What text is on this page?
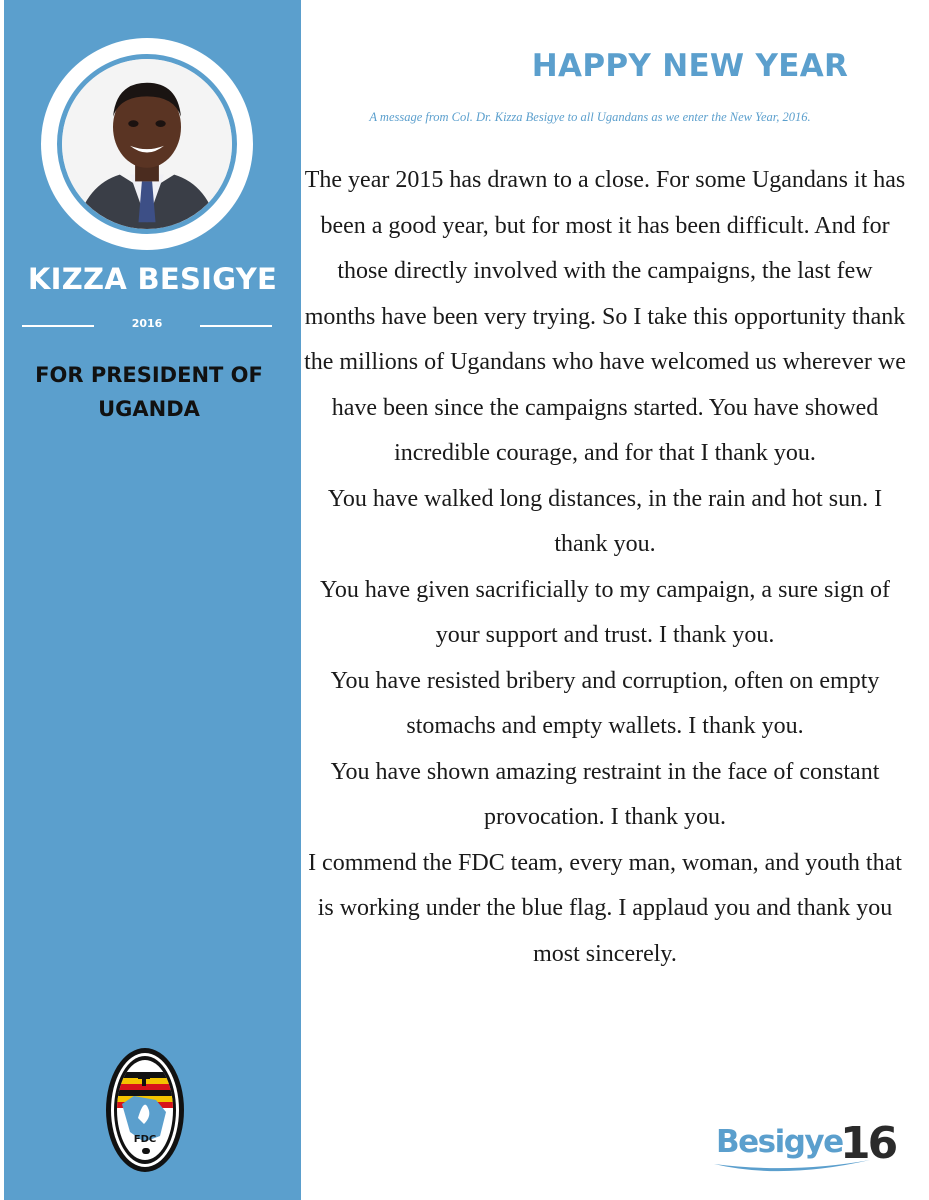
KIZZA BESIGYE
2016
FOR PRESIDENT OF
UGANDA
FDC
HAPPY NEW YEAR
A message from Col. Dr. Kizza Besigye to all Ugandans as we enter the New Year, 2016.

The year 2015 has drawn to a close. For some Ugandans it has been a good year, but for most it has been difficult. And for those directly involved with the campaigns, the last few months have been very trying. So I take this opportunity thank the millions of Ugandans who have welcomed us wherever we have been since the campaigns started. You have showed incredible courage, and for that I thank you.

You have walked long distances, in the rain and hot sun. I thank you.

You have given sacrificially to my campaign, a sure sign of your support and trust. I thank you.

You have resisted bribery and corruption, often on empty stomachs and empty wallets. I thank you.

You have shown amazing restraint in the face of constant provocation. I thank you.

I commend the FDC team, every man, woman, and youth that is working under the blue flag. I applaud you and thank you most sincerely.

Besigye
16
